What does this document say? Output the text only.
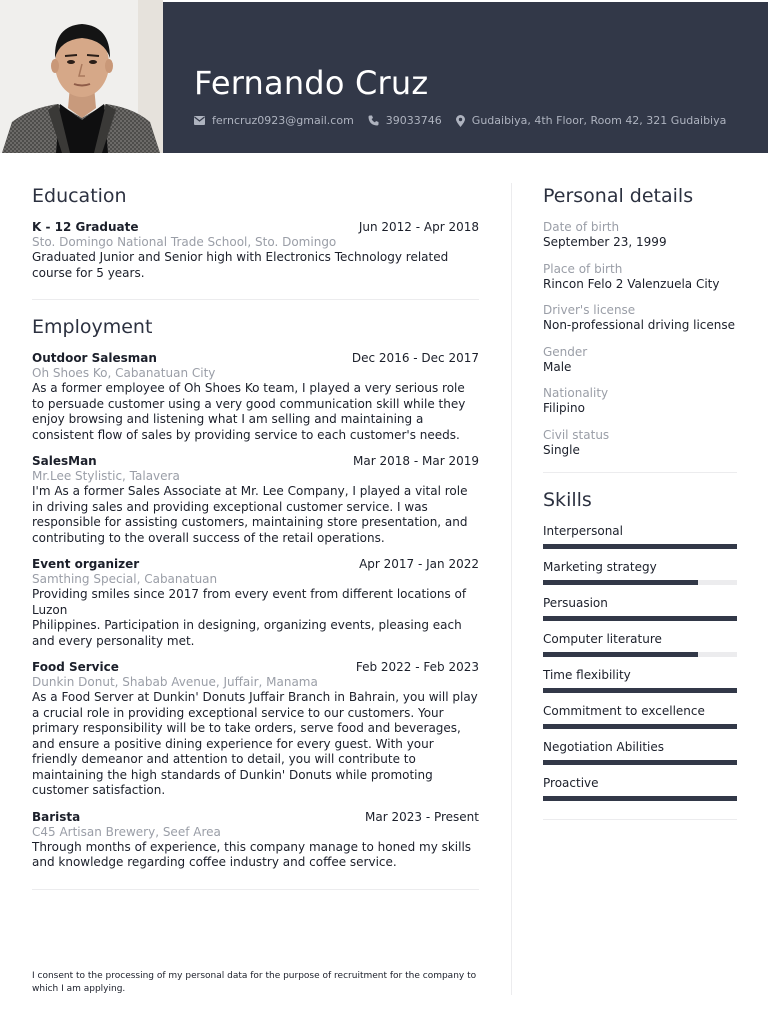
Fernando Cruz
ferncruz0923@gmail.com	39033746	Gudaibiya, 4th Floor, Room 42, 321 Gudaibiya
Education
K - 12 Graduate	Jun 2012 - Apr 2018
Sto. Domingo National Trade School, Sto. Domingo
Graduated Junior and Senior high with Electronics Technology related course for 5 years.
Employment
Outdoor Salesman	Dec 2016 - Dec 2017
Oh Shoes Ko, Cabanatuan City
As a former employee of Oh Shoes Ko team, I played a very serious role to persuade customer using a very good communication skill while they enjoy browsing and listening what I am selling and maintaining a consistent flow of sales by providing service to each customer's needs.
SalesMan	Mar 2018 - Mar 2019
Mr.Lee Stylistic, Talavera
I'm As a former Sales Associate at Mr. Lee Company, I played a vital role in driving sales and providing exceptional customer service. I was responsible for assisting customers, maintaining store presentation, and contributing to the overall success of the retail operations.
Event organizer	Apr 2017 - Jan 2022
Samthing Special, Cabanatuan
Providing smiles since 2017 from every event from different locations of Luzon
Philippines. Participation in designing, organizing events, pleasing each and every personality met.
Food Service	Feb 2022 - Feb 2023
Dunkin Donut, Shabab Avenue, Juffair, Manama
As a Food Server at Dunkin' Donuts Juffair Branch in Bahrain, you will play a crucial role in providing exceptional service to our customers. Your primary responsibility will be to take orders, serve food and beverages, and ensure a positive dining experience for every guest. With your friendly demeanor and attention to detail, you will contribute to maintaining the high standards of Dunkin' Donuts while promoting customer satisfaction.
Barista	Mar 2023 - Present
C45 Artisan Brewery, Seef Area
Through months of experience, this company manage to honed my skills and knowledge regarding coffee industry and coffee service.
Personal details
Date of birth
September 23, 1999
Place of birth
Rincon Felo 2 Valenzuela City
Driver's license
Non-professional driving license
Gender
Male
Nationality
Filipino
Civil status
Single
Skills
Interpersonal
Marketing strategy
Persuasion
Computer literature
Time flexibility
Commitment to excellence
Negotiation Abilities
Proactive
I consent to the processing of my personal data for the purpose of recruitment for the company to which I am applying.
